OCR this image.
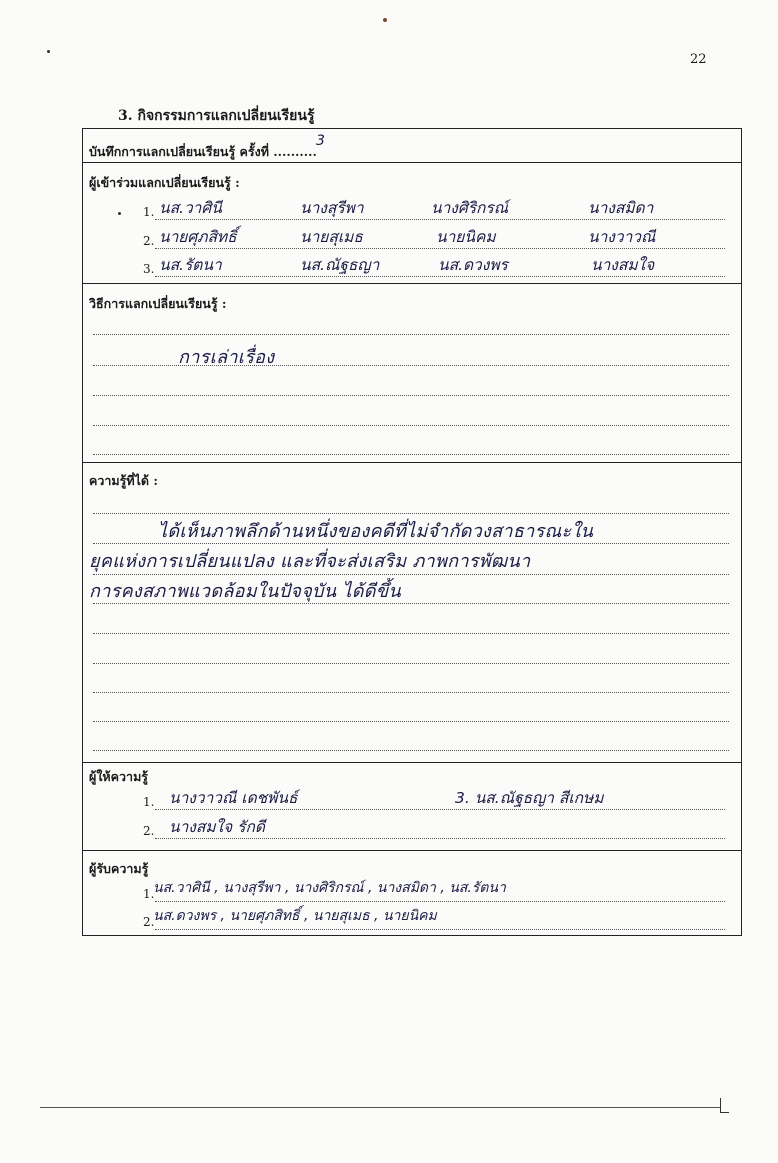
22
3. กิจกรรมการแลกเปลี่ยนเรียนรู้
บันทึกการแลกเปลี่ยนเรียนรู้ ครั้งที่ ..........
3
ผู้เข้าร่วมแลกเปลี่ยนเรียนรู้ :
1. นส.วาศินี	นางสุรีพา	นางศิริกรณ์	นางสมิดา
2. นายศุภสิทธิ์	นายสุเมธ	นายนิคม	นางวาวณี
3. นส.รัตนา	นส.ณัฐธญา	นส.ดวงพร	นางสมใจ
วิธีการแลกเปลี่ยนเรียนรู้ :
การเล่าเรื่อง
ความรู้ที่ได้ :
ได้เห็นภาพลึกด้านหนึ่งของคดีที่ไม่จำกัดวงสาธารณะใน
ยุคแห่งการเปลี่ยนแปลง และที่จะส่งเสริม ภาพการพัฒนา
การคงสภาพแวดล้อมในปัจจุบัน ได้ดีขึ้น
ผู้ให้ความรู้
1. นางวาวณี เดชพันธ์	3. นส.ณัฐธญา สีเกษม
2. นางสมใจ รักดี
ผู้รับความรู้
1.
นส.วาศินี , นางสุรีพา , นางศิริกรณ์ , นางสมิดา , นส.รัตนา
2.
นส.ดวงพร , นายศุภสิทธิ์ , นายสุเมธ , นายนิคม
